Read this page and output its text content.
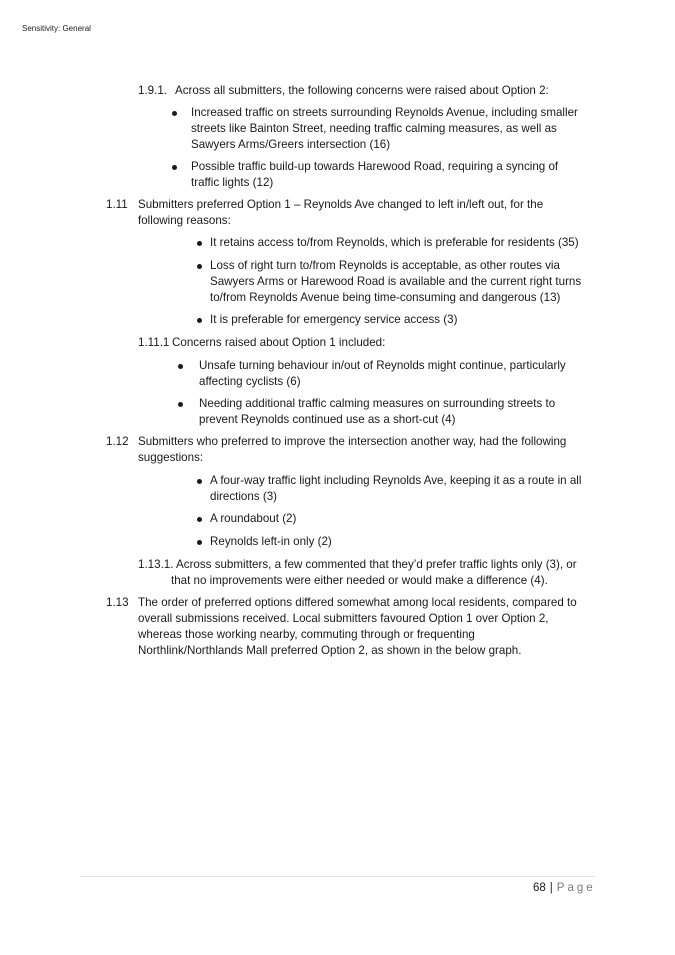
Sensitivity: General
1.9.1. Across all submitters, the following concerns were raised about Option 2:
Increased traffic on streets surrounding Reynolds Avenue, including smaller
streets like Bainton Street, needing traffic calming measures, as well as
Sawyers Arms/Greers intersection (16)
Possible traffic build-up towards Harewood Road, requiring a syncing of
traffic lights (12)
1.11 Submitters preferred Option 1 – Reynolds Ave changed to left in/left out, for the
following reasons:
It retains access to/from Reynolds, which is preferable for residents (35)
Loss of right turn to/from Reynolds is acceptable, as other routes via
Sawyers Arms or Harewood Road is available and the current right turns
to/from Reynolds Avenue being time-consuming and dangerous (13)
It is preferable for emergency service access (3)
1.11.1 Concerns raised about Option 1 included:
Unsafe turning behaviour in/out of Reynolds might continue, particularly
affecting cyclists (6)
Needing additional traffic calming measures on surrounding streets to
prevent Reynolds continued use as a short-cut (4)
1.12 Submitters who preferred to improve the intersection another way, had the following
suggestions:
A four-way traffic light including Reynolds Ave, keeping it as a route in all
directions (3)
A roundabout (2)
Reynolds left-in only (2)
1.13.1. Across submitters, a few commented that they’d prefer traffic lights only (3), or
that no improvements were either needed or would make a difference (4).
1.13 The order of preferred options differed somewhat among local residents, compared to
overall submissions received. Local submitters favoured Option 1 over Option 2,
whereas those working nearby, commuting through or frequenting
Northlink/Northlands Mall preferred Option 2, as shown in the below graph.
68 | Page
